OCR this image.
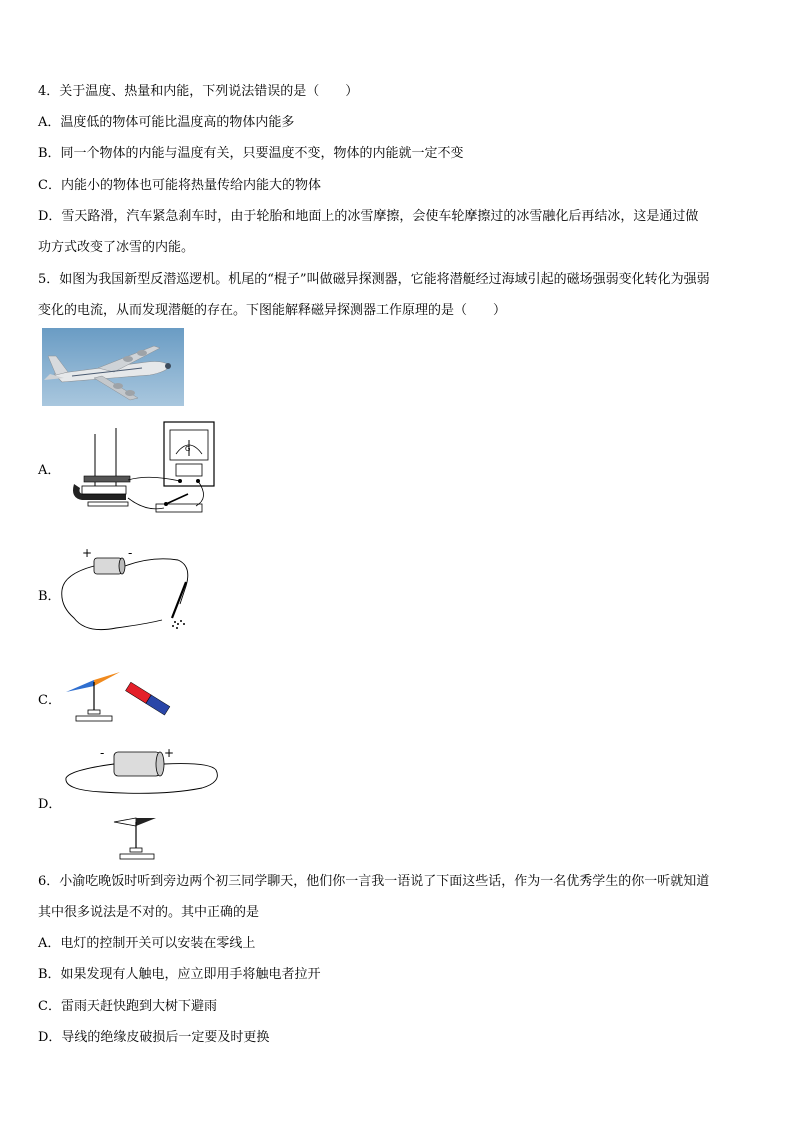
4．关于温度、热量和内能，下列说法错误的是（　　）
A．温度低的物体可能比温度高的物体内能多
B．同一个物体的内能与温度有关，只要温度不变，物体的内能就一定不变
C．内能小的物体也可能将热量传给内能大的物体
D．雪天路滑，汽车紧急刹车时，由于轮胎和地面上的冰雪摩擦，会使车轮摩擦过的冰雪融化后再结冰，这是通过做
功方式改变了冰雪的内能。
5．如图为我国新型反潜巡逻机。机尾的“棍子”叫做磁异探测器，它能将潜艇经过海域引起的磁场强弱变化转化为强弱
变化的电流，从而发现潜艇的存在。下图能解释磁异探测器工作原理的是（　　）
A．
G
B．
+	-
C．
D．
-	+
6．小渝吃晚饭时听到旁边两个初三同学聊天，他们你一言我一语说了下面这些话，作为一名优秀学生的你一听就知道
其中很多说法是不对的。其中正确的是
A．电灯的控制开关可以安装在零线上
B．如果发现有人触电，应立即用手将触电者拉开
C．雷雨天赶快跑到大树下避雨
D．导线的绝缘皮破损后一定要及时更换
